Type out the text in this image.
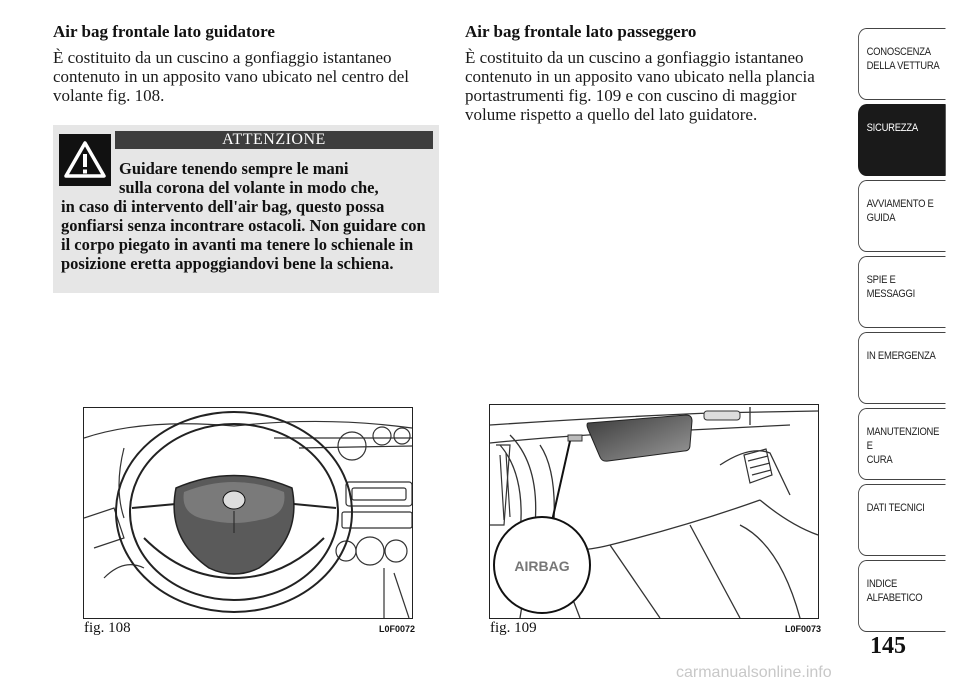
Air bag frontale lato guidatore

È costituito da un cuscino a gonfiaggio istantaneo contenuto in un apposito vano ubicato nel centro del volante fig. 108.

ATTENZIONE
Guidare tenendo sempre le mani
sulla corona del volante in modo che,
in caso di intervento dell'air bag, questo possa gonfiarsi senza incontrare ostacoli. Non guidare con il corpo piegato in avanti ma tenere lo schienale in posizione eretta appoggiandovi bene la schiena.

Air bag frontale lato passeggero

È costituito da un cuscino a gonfiaggio istantaneo contenuto in un apposito vano ubicato nella plancia portastrumenti fig. 109 e con cuscino di maggior volume rispetto a quello del lato guidatore.

fig. 108	L0F0072
AIRBAG
fig. 109	L0F0073
CONOSCENZA
DELLA VETTURA
SICUREZZA
AVVIAMENTO E
GUIDA
SPIE E MESSAGGI
IN EMERGENZA
MANUTENZIONE E
CURA
DATI TECNICI
INDICE
ALFABETICO
145
carmanualsonline.info
